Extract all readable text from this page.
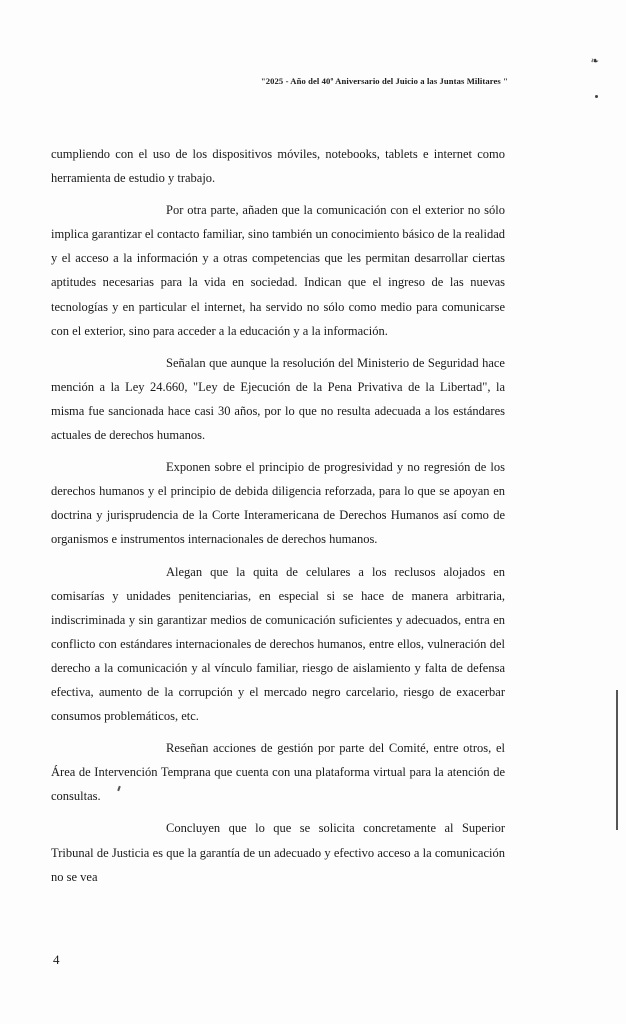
❧
"2025 - Año del 40º Aniversario del Juicio a las Juntas Militares "

cumpliendo con el uso de los dispositivos móviles, notebooks, tablets e internet como herramienta de estudio y trabajo.

Por otra parte, añaden que la comunicación con el exterior no sólo implica garantizar el contacto familiar, sino también un conocimiento básico de la realidad y el acceso a la información y a otras competencias que les permitan desarrollar ciertas aptitudes necesarias para la vida en sociedad. Indican que el ingreso de las nuevas tecnologías y en particular el internet, ha servido no sólo como medio para comunicarse con el exterior, sino para acceder a la educación y a la información.

Señalan que aunque la resolución del Ministerio de Seguridad hace mención a la Ley 24.660, "Ley de Ejecución de la Pena Privativa de la Libertad", la misma fue sancionada hace casi 30 años, por lo que no resulta adecuada a los estándares actuales de derechos humanos.

Exponen sobre el principio de progresividad y no regresión de los derechos humanos y el principio de debida diligencia reforzada, para lo que se apoyan en doctrina y jurisprudencia de la Corte Interamericana de Derechos Humanos así como de organismos e instrumentos internacionales de derechos humanos.

Alegan que la quita de celulares a los reclusos alojados en comisarías y unidades penitenciarias, en especial si se hace de manera arbitraria, indiscriminada y sin garantizar medios de comunicación suficientes y adecuados, entra en conflicto con estándares internacionales de derechos humanos, entre ellos, vulneración del derecho a la comunicación y al vínculo familiar, riesgo de aislamiento y falta de defensa efectiva, aumento de la corrupción y el mercado negro carcelario, riesgo de exacerbar consumos problemáticos, etc.

Reseñan acciones de gestión por parte del Comité, entre otros, el Área de Intervención Temprana que cuenta con una plataforma virtual para la atención de consultas.

Concluyen que lo que se solicita concretamente al Superior Tribunal de Justicia es que la garantía de un adecuado y efectivo acceso a la comunicación no se vea

4
